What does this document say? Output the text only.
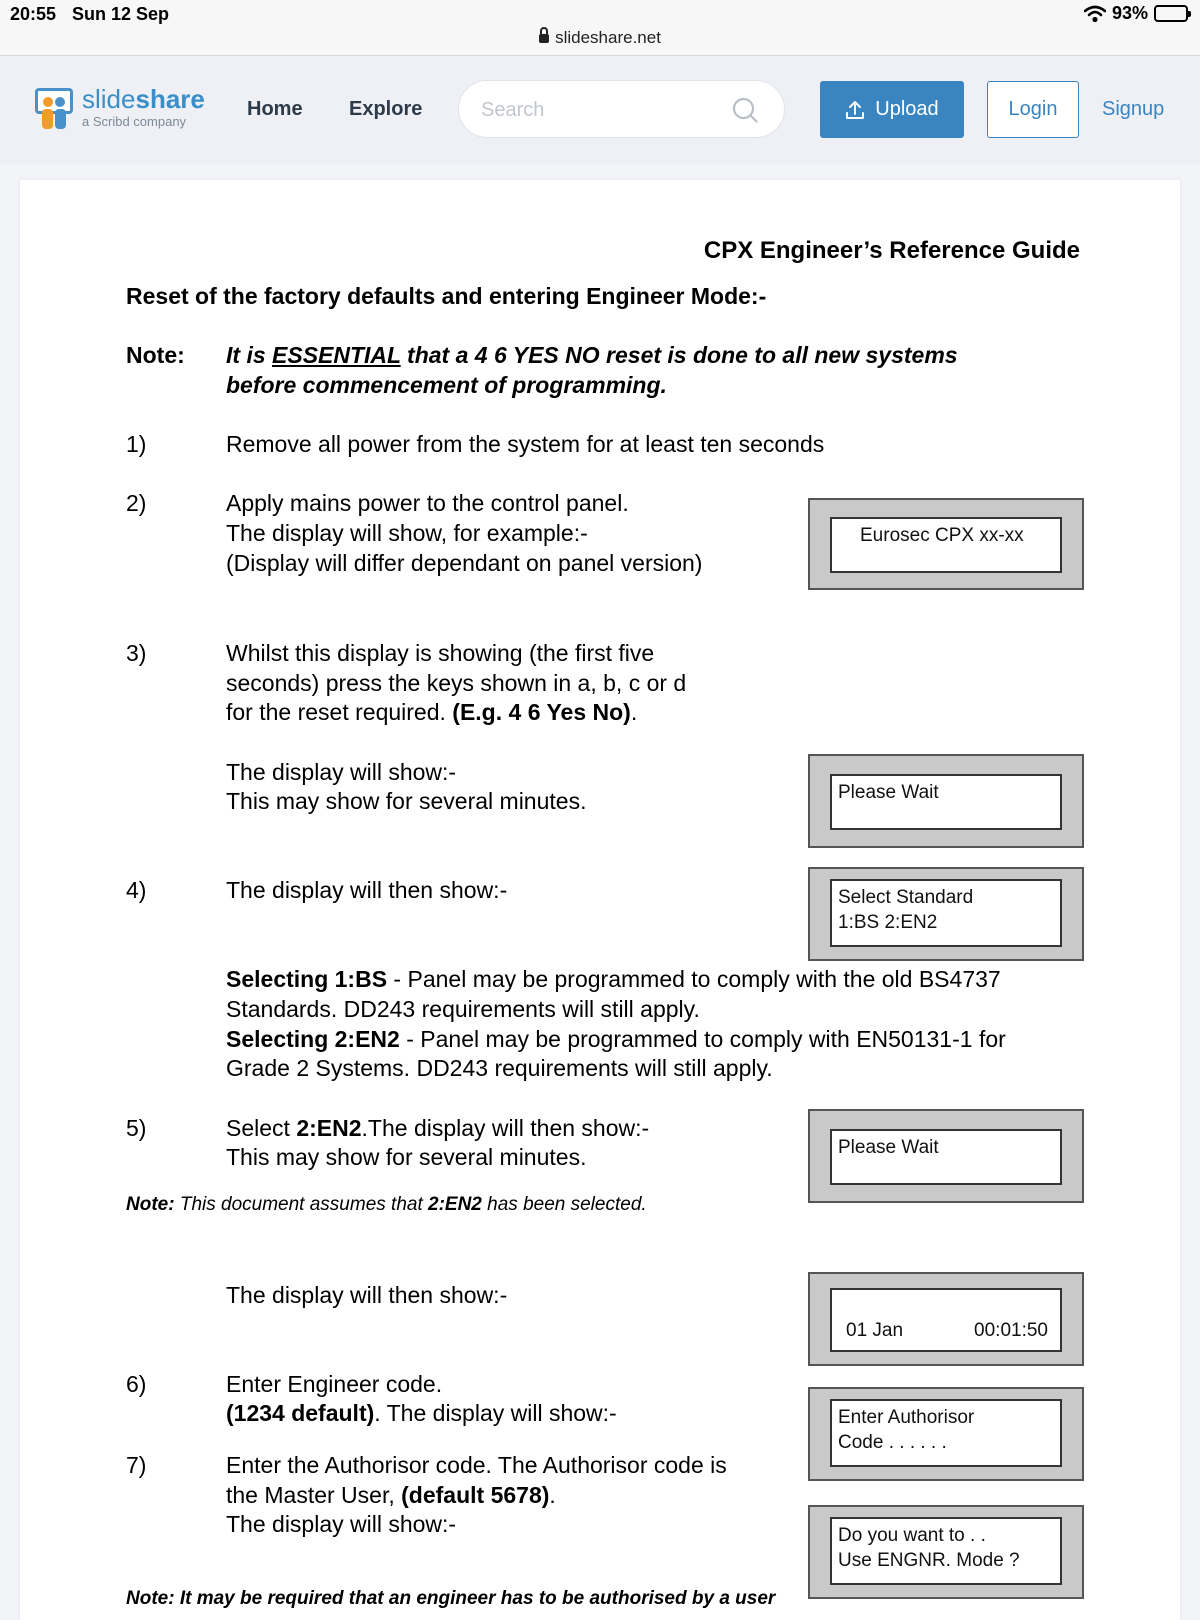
20:55 Sun 12 Sep	93%
slideshare.net
slideshare
a Scribd company
Home Explore
Search	Upload	Login	Signup
CPX Engineer’s Reference Guide
Reset of the factory defaults and entering Engineer Mode:-
Note: It is ESSENTIAL that a 4 6 YES NO reset is done to all new systems
before commencement of programming.
1)	Remove all power from the system for at least ten seconds
2)	Apply mains power to the control panel.
The display will show, for example:-
(Display will differ dependant on panel version)
Eurosec CPX xx-xx
3)	Whilst this display is showing (the first five
seconds) press the keys shown in a, b, c or d
for the reset required. (E.g. 4 6 Yes No).
The display will show:-
This may show for several minutes.	Please Wait
4)	The display will then show:-	Select Standard
1:BS 2:EN2
Selecting 1:BS - Panel may be programmed to comply with the old BS4737
Standards. DD243 requirements will still apply.
Selecting 2:EN2 - Panel may be programmed to comply with EN50131-1 for
Grade 2 Systems. DD243 requirements will still apply.
5)	Select 2:EN2.The display will then show:-
This may show for several minutes.	Please Wait
Note: This document assumes that 2:EN2 has been selected.
The display will then show:-
01 Jan	00:01:50
6)	Enter Engineer code.
(1234 default). The display will show:-	Enter Authorisor
Code . . . . . .
7)	Enter the Authorisor code. The Authorisor code is
the Master User, (default 5678).
The display will show:-	Do you want to . .
Use ENGNR. Mode ?
Note: It may be required that an engineer has to be authorised by a user
